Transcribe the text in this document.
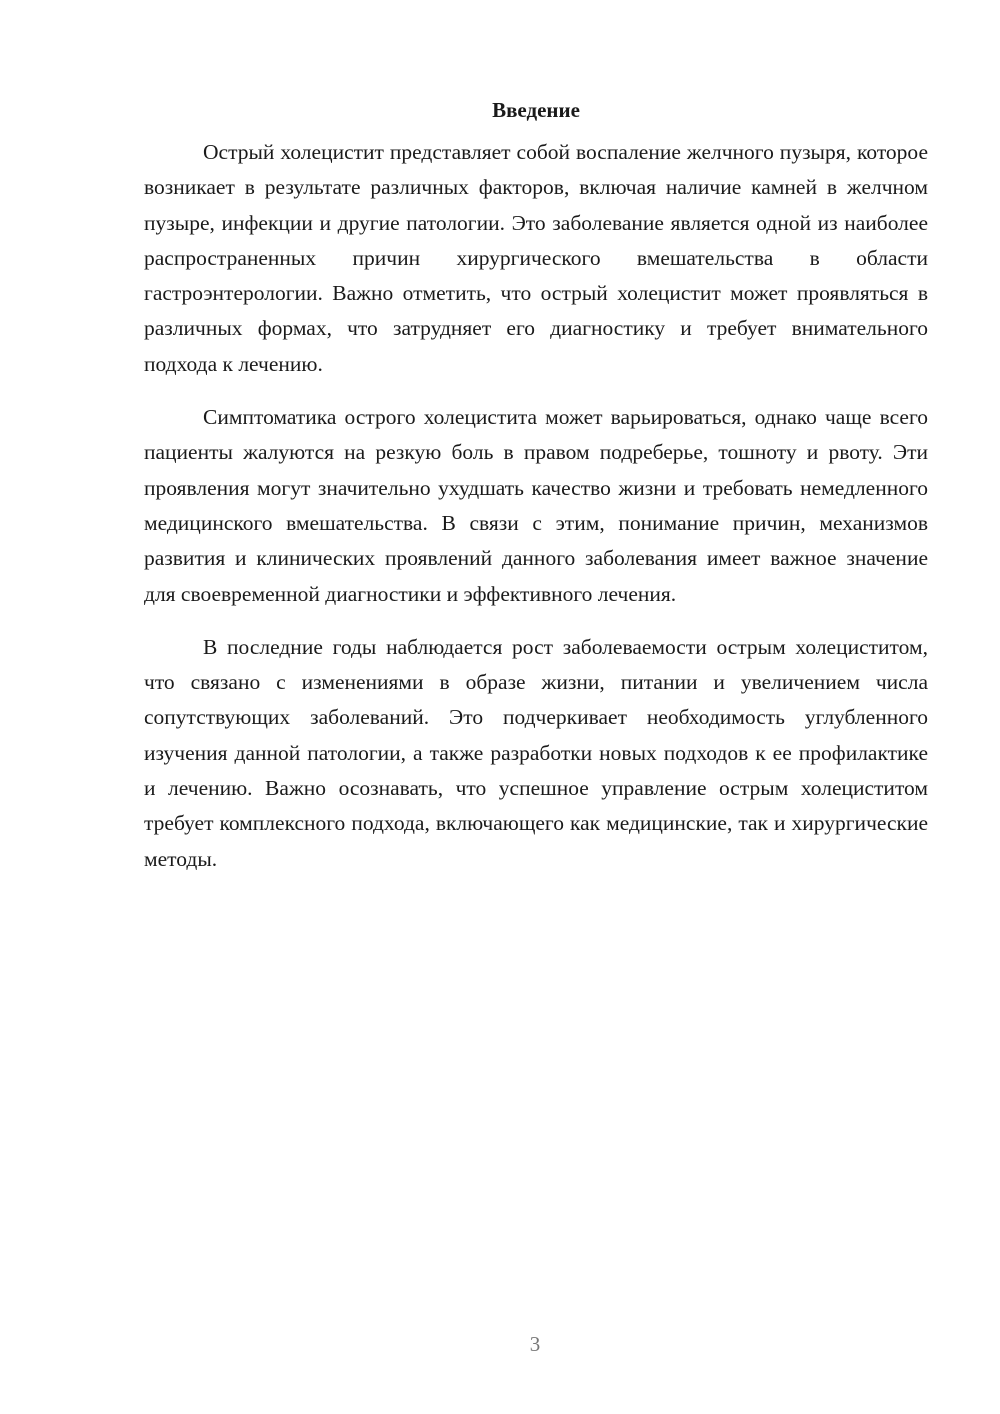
Введение

Острый холецистит представляет собой воспаление желчного пузыря, которое возникает в результате различных факторов, включая наличие камней в желчном пузыре, инфекции и другие патологии. Это заболевание является одной из наиболее распространенных причин хирургического вмешательства в области гастроэнтерологии. Важно отметить, что острый холецистит может проявляться в различных формах, что затрудняет его диагностику и требует внимательного подхода к лечению.

Симптоматика острого холецистита может варьироваться, однако чаще всего пациенты жалуются на резкую боль в правом подреберье, тошноту и рвоту. Эти проявления могут значительно ухудшать качество жизни и требовать немедленного медицинского вмешательства. В связи с этим, понимание причин, механизмов развития и клинических проявлений данного заболевания имеет важное значение для своевременной диагностики и эффективного лечения.

В последние годы наблюдается рост заболеваемости острым холециститом, что связано с изменениями в образе жизни, питании и увеличением числа сопутствующих заболеваний. Это подчеркивает необходимость углубленного изучения данной патологии, а также разработки новых подходов к ее профилактике и лечению. Важно осознавать, что успешное управление острым холециститом требует комплексного подхода, включающего как медицинские, так и хирургические методы.

3
